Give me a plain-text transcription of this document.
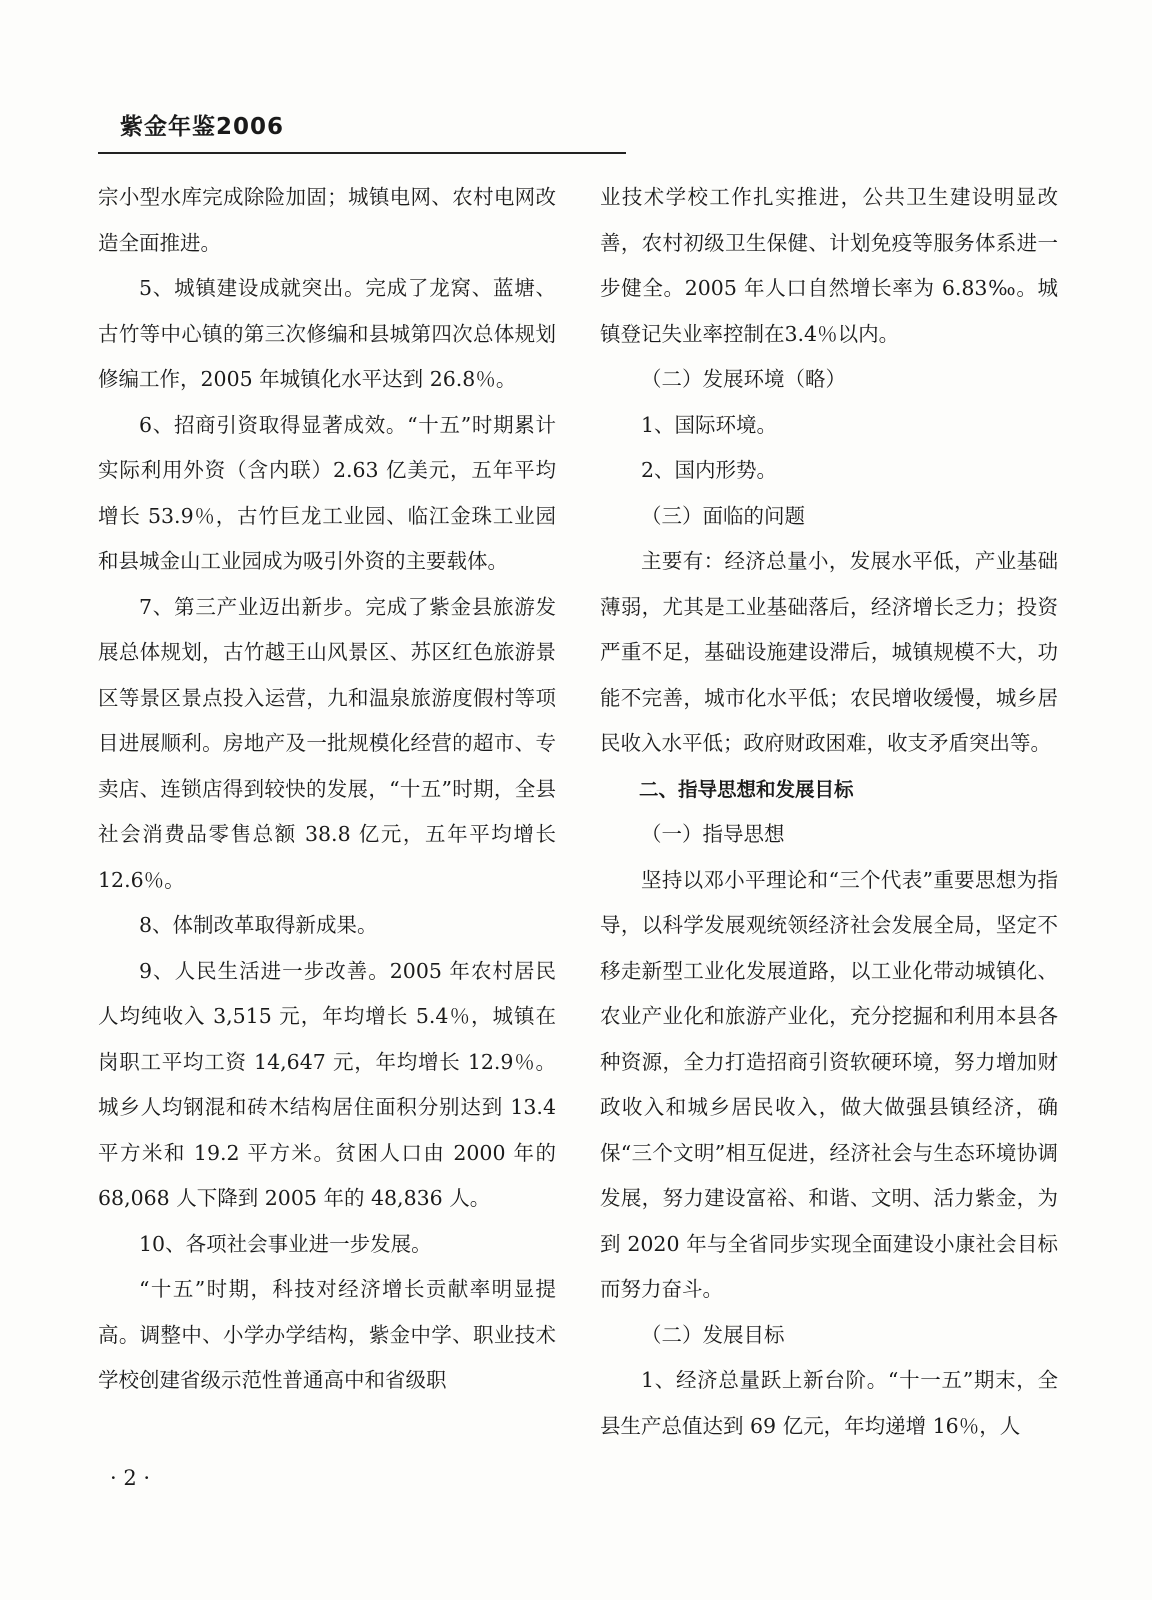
紫金年鉴2006

宗小型水库完成除险加固；城镇电网、农村电网改造全面推进。

5、城镇建设成就突出。完成了龙窝、蓝塘、古竹等中心镇的第三次修编和县城第四次总体规划修编工作，2005 年城镇化水平达到 26.8％。

6、招商引资取得显著成效。“十五”时期累计实际利用外资（含内联）2.63 亿美元，五年平均增长 53.9％，古竹巨龙工业园、临江金珠工业园和县城金山工业园成为吸引外资的主要载体。

7、第三产业迈出新步。完成了紫金县旅游发展总体规划，古竹越王山风景区、苏区红色旅游景区等景区景点投入运营，九和温泉旅游度假村等项目进展顺利。房地产及一批规模化经营的超市、专卖店、连锁店得到较快的发展，“十五”时期，全县社会消费品零售总额 38.8 亿元，五年平均增长 12.6％。

8、体制改革取得新成果。

9、人民生活进一步改善。2005 年农村居民人均纯收入 3,515 元，年均增长 5.4％，城镇在岗职工平均工资 14,647 元，年均增长 12.9％。城乡人均钢混和砖木结构居住面积分别达到 13.4 平方米和 19.2 平方米。贫困人口由 2000 年的 68,068 人下降到 2005 年的 48,836 人。

10、各项社会事业进一步发展。

“十五”时期，科技对经济增长贡献率明显提高。调整中、小学办学结构，紫金中学、职业技术学校创建省级示范性普通高中和省级职

业技术学校工作扎实推进，公共卫生建设明显改善，农村初级卫生保健、计划免疫等服务体系进一步健全。2005 年人口自然增长率为 6.83‰。城镇登记失业率控制在3.4％以内。

（二）发展环境（略）

1、国际环境。

2、国内形势。

（三）面临的问题

主要有：经济总量小，发展水平低，产业基础薄弱，尤其是工业基础落后，经济增长乏力；投资严重不足，基础设施建设滞后，城镇规模不大，功能不完善，城市化水平低；农民增收缓慢，城乡居民收入水平低；政府财政困难，收支矛盾突出等。

二、指导思想和发展目标

（一）指导思想

坚持以邓小平理论和“三个代表”重要思想为指导，以科学发展观统领经济社会发展全局，坚定不移走新型工业化发展道路，以工业化带动城镇化、农业产业化和旅游产业化，充分挖掘和利用本县各种资源，全力打造招商引资软硬环境，努力增加财政收入和城乡居民收入，做大做强县镇经济，确保“三个文明”相互促进，经济社会与生态环境协调发展，努力建设富裕、和谐、文明、活力紫金，为到 2020 年与全省同步实现全面建设小康社会目标而努力奋斗。

（二）发展目标

1、经济总量跃上新台阶。“十一五”期末，全县生产总值达到 69 亿元，年均递增 16％，人

· 2 ·
